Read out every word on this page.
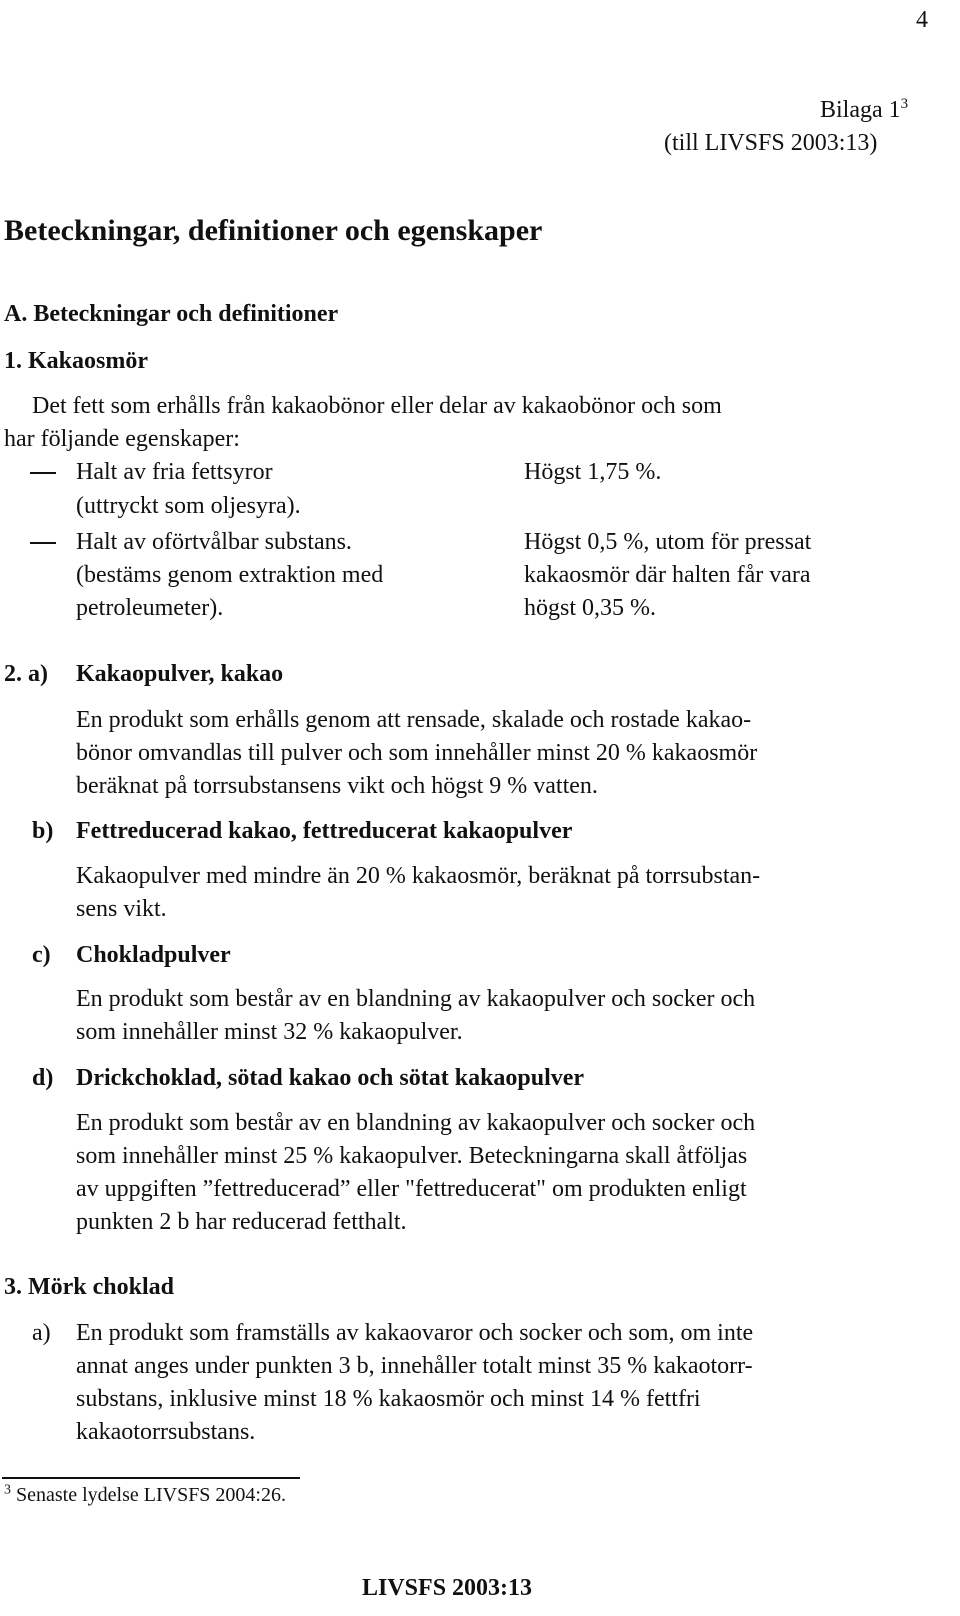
4
Bilaga $1^3$
(till LIVSFS 2003:13)
Beteckningar, definitioner och egenskaper
A. Beteckningar och definitioner
1. Kakaosmör
Det fett som erhålls från kakaobönor eller delar av kakaobönor och som
har följande egenskaper:
Halt av fria fettsyror
(uttryckt som oljesyra).
Högst 1,75 %.
Halt av oförtvålbar substans.
(bestäms genom extraktion med
petroleumeter).
Högst 0,5 %, utom för pressat
kakaosmör där halten får vara
högst 0,35 %.
2. a) Kakaopulver, kakao
En produkt som erhålls genom att rensade, skalade och rostade kakao-
bönor omvandlas till pulver och som innehåller minst 20 % kakaosmör
beräknat på torrsubstansens vikt och högst 9 % vatten.
b) Fettreducerad kakao, fettreducerat kakaopulver
Kakaopulver med mindre än 20 % kakaosmör, beräknat på torrsubstan-
sens vikt.
c) Chokladpulver
En produkt som består av en blandning av kakaopulver och socker och
som innehåller minst 32 % kakaopulver.
d) Drickchoklad, sötad kakao och sötat kakaopulver
En produkt som består av en blandning av kakaopulver och socker och
som innehåller minst 25 % kakaopulver. Beteckningarna skall åtföljas
av uppgiften ”fettreducerad” eller "fettreducerat" om produkten enligt
punkten 2 b har reducerad fetthalt.
3. Mörk choklad
a) En produkt som framställs av kakaovaror och socker och som, om inte
annat anges under punkten 3 b, innehåller totalt minst 35 % kakaotorr-
substans, inklusive minst 18 % kakaosmör och minst 14 % fettfri
kakaotorrsubstans.
$^3$ Senaste lydelse LIVSFS 2004:26.
LIVSFS 2003:13
